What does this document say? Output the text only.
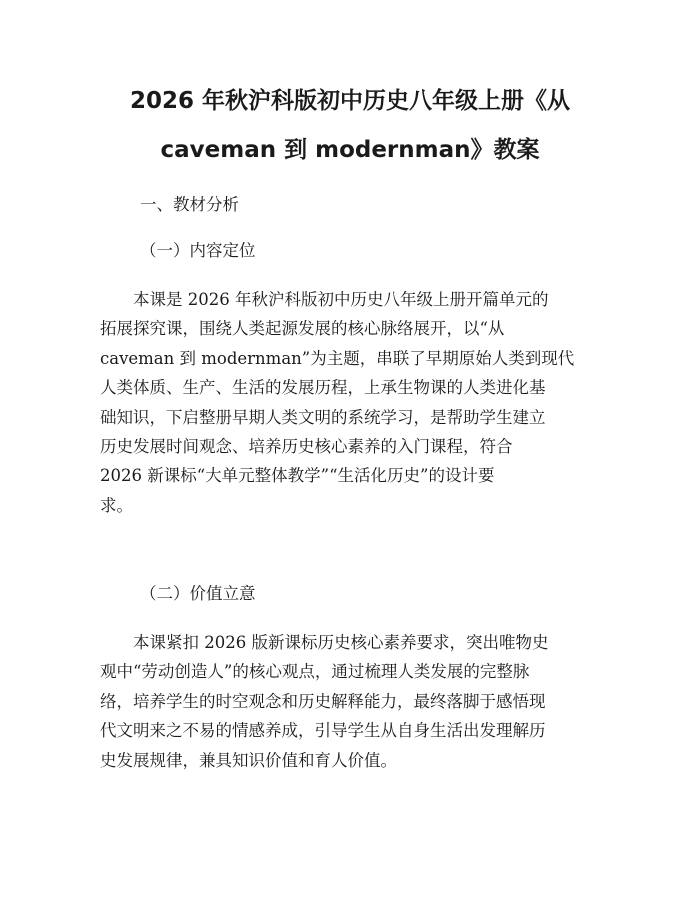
2026 年秋沪科版初中历史八年级上册《从
caveman 到 modernman》教案
一、教材分析
（一）内容定位

　　本课是 2026 年秋沪科版初中历史八年级上册开篇单元的
拓展探究课，围绕人类起源发展的核心脉络展开，以“从
caveman 到 modernman”为主题，串联了早期原始人类到现代
人类体质、生产、生活的发展历程，上承生物课的人类进化基
础知识，下启整册早期人类文明的系统学习，是帮助学生建立
历史发展时间观念、培养历史核心素养的入门课程，符合
2026 新课标“大单元整体教学”“生活化历史”的设计要
求。

（二）价值立意

　　本课紧扣 2026 版新课标历史核心素养要求，突出唯物史
观中“劳动创造人”的核心观点，通过梳理人类发展的完整脉
络，培养学生的时空观念和历史解释能力，最终落脚于感悟现
代文明来之不易的情感养成，引导学生从自身生活出发理解历
史发展规律，兼具知识价值和育人价值。
